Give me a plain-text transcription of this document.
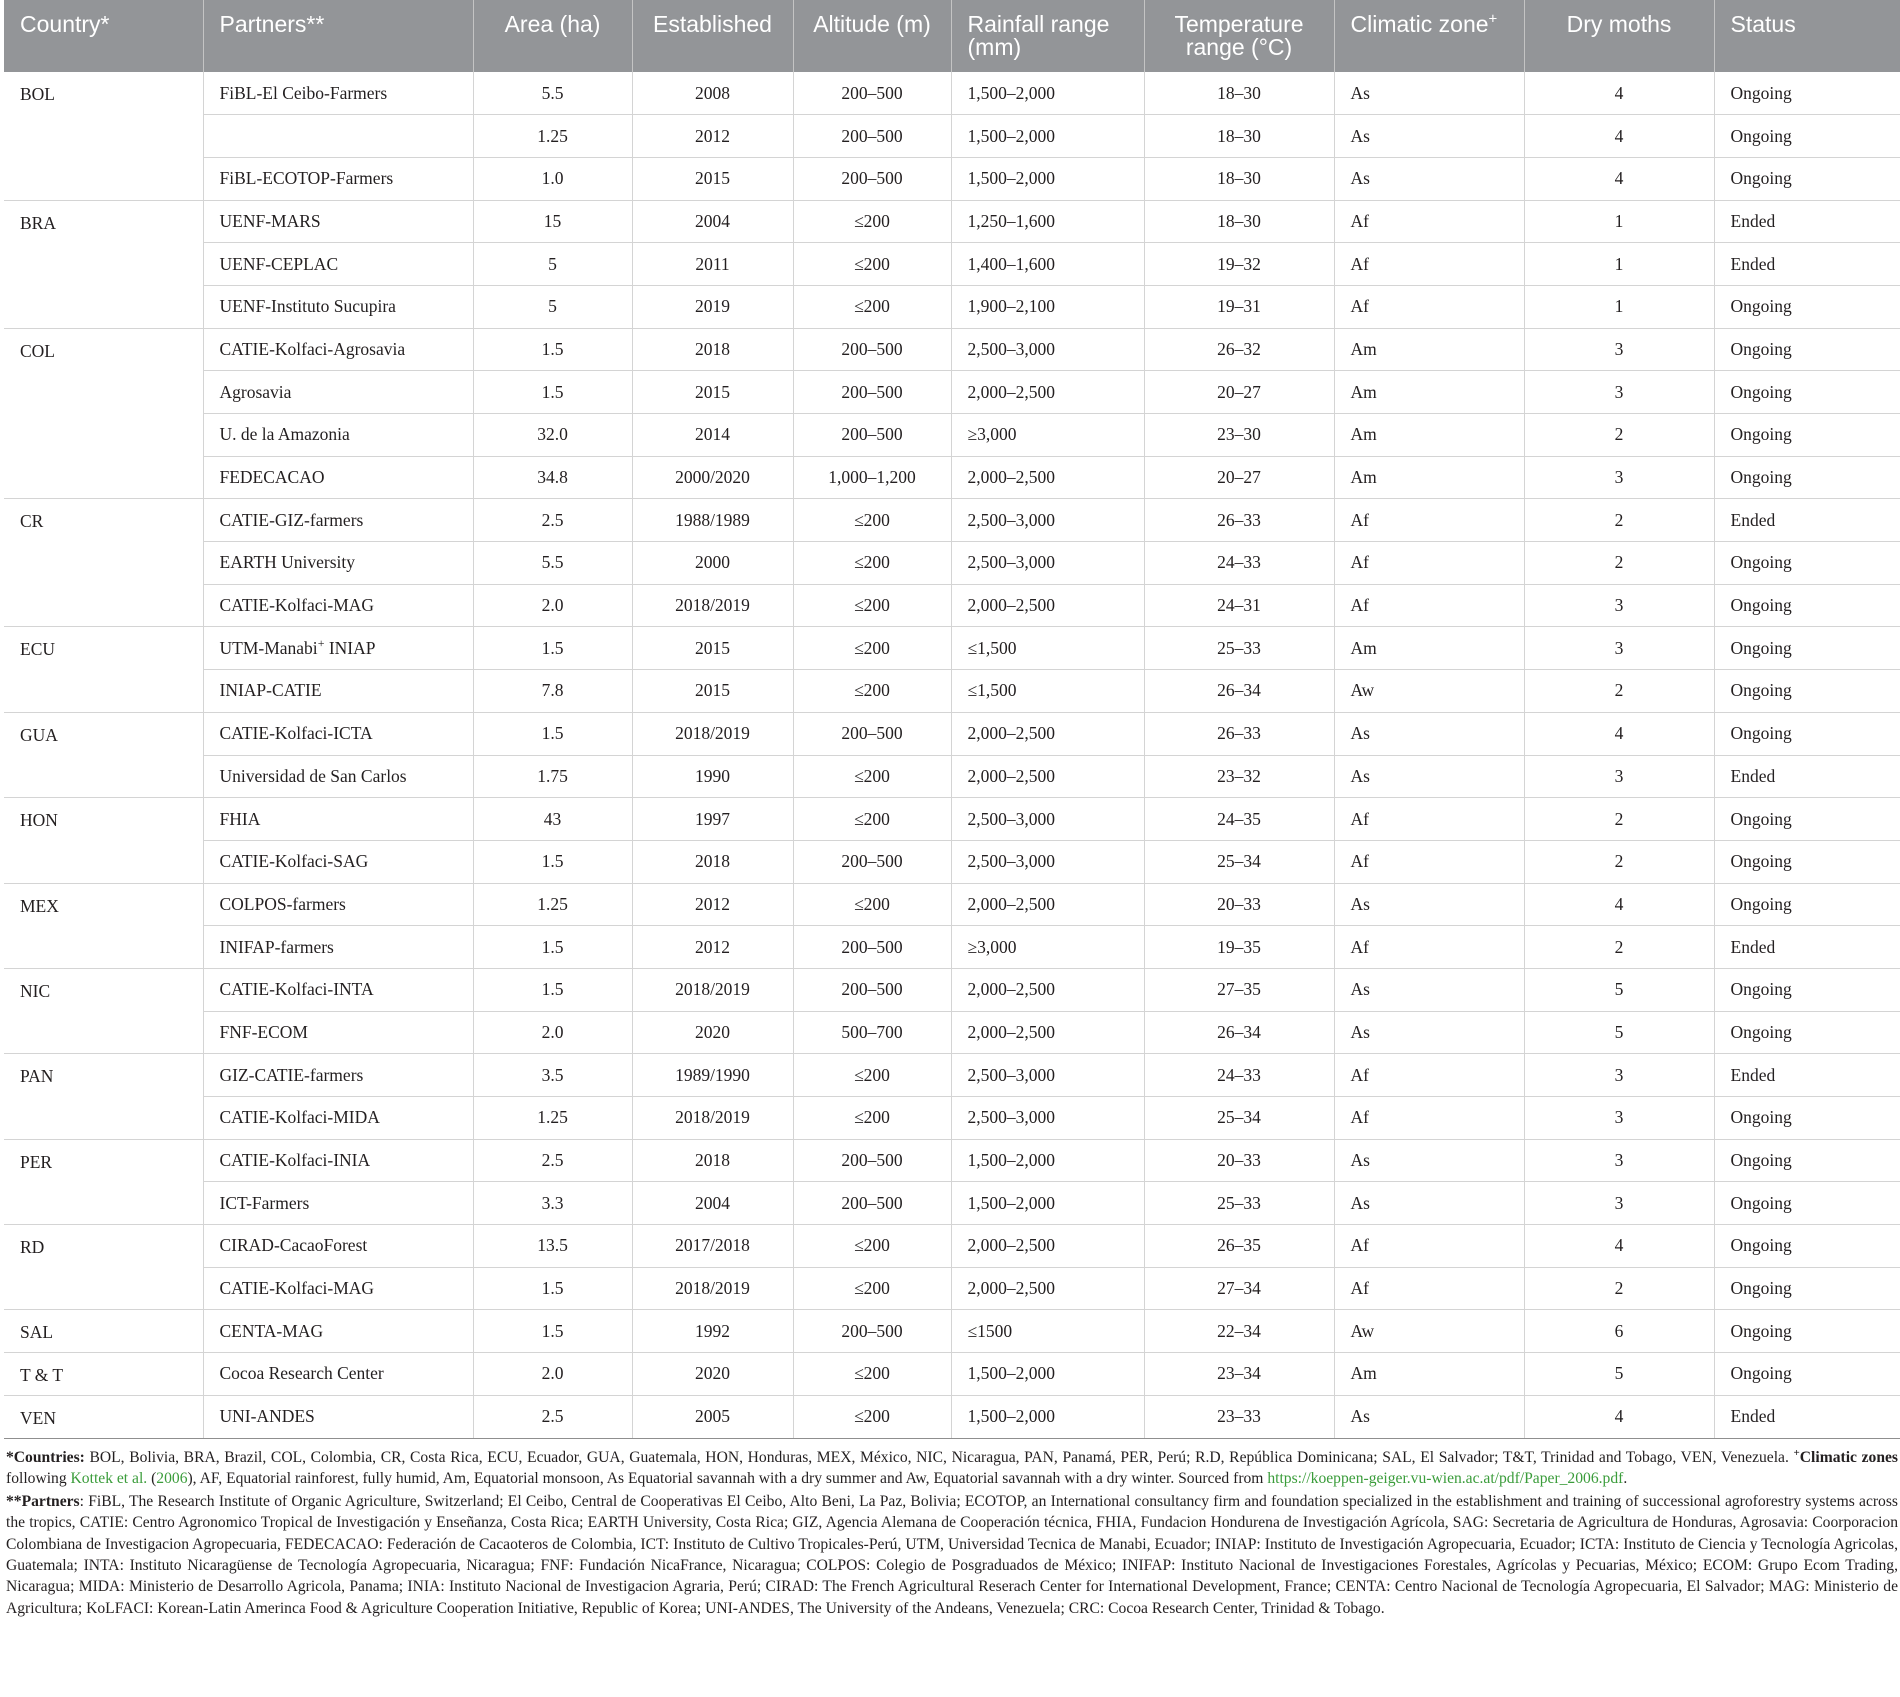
Country*	Partners**	Area (ha)	Established	Altitude (m)	Rainfall range (mm)	Temperature range (°C)	Climatic zone+	Dry moths	Status
BOL	FiBL-El Ceibo-Farmers	5.5	2008	200–500	1,500–2,000	18–30	As	4	Ongoing
		1.25	2012	200–500	1,500–2,000	18–30	As	4	Ongoing
	FiBL-ECOTOP-Farmers	1.0	2015	200–500	1,500–2,000	18–30	As	4	Ongoing
BRA	UENF-MARS	15	2004	≤200	1,250–1,600	18–30	Af	1	Ended
	UENF-CEPLAC	5	2011	≤200	1,400–1,600	19–32	Af	1	Ended
	UENF-Instituto Sucupira	5	2019	≤200	1,900–2,100	19–31	Af	1	Ongoing
COL	CATIE-Kolfaci-Agrosavia	1.5	2018	200–500	2,500–3,000	26–32	Am	3	Ongoing
	Agrosavia	1.5	2015	200–500	2,000–2,500	20–27	Am	3	Ongoing
	U. de la Amazonia	32.0	2014	200–500	≥3,000	23–30	Am	2	Ongoing
	FEDECACAO	34.8	2000/2020	1,000–1,200	2,000–2,500	20–27	Am	3	Ongoing
CR	CATIE-GIZ-farmers	2.5	1988/1989	≤200	2,500–3,000	26–33	Af	2	Ended
	EARTH University	5.5	2000	≤200	2,500–3,000	24–33	Af	2	Ongoing
	CATIE-Kolfaci-MAG	2.0	2018/2019	≤200	2,000–2,500	24–31	Af	3	Ongoing
ECU	UTM-Manabi+ INIAP	1.5	2015	≤200	≤1,500	25–33	Am	3	Ongoing
	INIAP-CATIE	7.8	2015	≤200	≤1,500	26–34	Aw	2	Ongoing
GUA	CATIE-Kolfaci-ICTA	1.5	2018/2019	200–500	2,000–2,500	26–33	As	4	Ongoing
	Universidad de San Carlos	1.75	1990	≤200	2,000–2,500	23–32	As	3	Ended
HON	FHIA	43	1997	≤200	2,500–3,000	24–35	Af	2	Ongoing
	CATIE-Kolfaci-SAG	1.5	2018	200–500	2,500–3,000	25–34	Af	2	Ongoing
MEX	COLPOS-farmers	1.25	2012	≤200	2,000–2,500	20–33	As	4	Ongoing
	INIFAP-farmers	1.5	2012	200–500	≥3,000	19–35	Af	2	Ended
NIC	CATIE-Kolfaci-INTA	1.5	2018/2019	200–500	2,000–2,500	27–35	As	5	Ongoing
	FNF-ECOM	2.0	2020	500–700	2,000–2,500	26–34	As	5	Ongoing
PAN	GIZ-CATIE-farmers	3.5	1989/1990	≤200	2,500–3,000	24–33	Af	3	Ended
	CATIE-Kolfaci-MIDA	1.25	2018/2019	≤200	2,500–3,000	25–34	Af	3	Ongoing
PER	CATIE-Kolfaci-INIA	2.5	2018	200–500	1,500–2,000	20–33	As	3	Ongoing
	ICT-Farmers	3.3	2004	200–500	1,500–2,000	25–33	As	3	Ongoing
RD	CIRAD-CacaoForest	13.5	2017/2018	≤200	2,000–2,500	26–35	Af	4	Ongoing
	CATIE-Kolfaci-MAG	1.5	2018/2019	≤200	2,000–2,500	27–34	Af	2	Ongoing
SAL	CENTA-MAG	1.5	1992	200–500	≤1500	22–34	Aw	6	Ongoing
T & T	Cocoa Research Center	2.0	2020	≤200	1,500–2,000	23–34	Am	5	Ongoing
VEN	UNI-ANDES	2.5	2005	≤200	1,500–2,000	23–33	As	4	Ended

*Countries: BOL, Bolivia, BRA, Brazil, COL, Colombia, CR, Costa Rica, ECU, Ecuador, GUA, Guatemala, HON, Honduras, MEX, México, NIC, Nicaragua, PAN, Panamá, PER, Perú; R.D, República Dominicana; SAL, El Salvador; T&T, Trinidad and Tobago, VEN, Venezuela. +Climatic zones following Kottek et al. (2006), AF, Equatorial rainforest, fully humid, Am, Equatorial monsoon, As Equatorial savannah with a dry summer and Aw, Equatorial savannah with a dry winter. Sourced from https://koeppen-geiger.vu-wien.ac.at/pdf/Paper_2006.pdf.

**Partners: FiBL, The Research Institute of Organic Agriculture, Switzerland; El Ceibo, Central de Cooperativas El Ceibo, Alto Beni, La Paz, Bolivia; ECOTOP, an International consultancy firm and foundation specialized in the establishment and training of successional agroforestry systems across the tropics, CATIE: Centro Agronomico Tropical de Investigación y Enseñanza, Costa Rica; EARTH University, Costa Rica; GIZ, Agencia Alemana de Cooperación técnica, FHIA, Fundacion Hondurena de Investigación Agrícola, SAG: Secretaria de Agricultura de Honduras, Agrosavia: Coorporacion Colombiana de Investigacion Agropecuaria, FEDECACAO: Federación de Cacaoteros de Colombia, ICT: Instituto de Cultivo Tropicales-Perú, UTM, Universidad Tecnica de Manabi, Ecuador; INIAP: Instituto de Investigación Agropecuaria, Ecuador; ICTA: Instituto de Ciencia y Tecnología Agricolas, Guatemala; INTA: Instituto Nicaragüense de Tecnología Agropecuaria, Nicaragua; FNF: Fundación NicaFrance, Nicaragua; COLPOS: Colegio de Posgraduados de México; INIFAP: Instituto Nacional de Investigaciones Forestales, Agrícolas y Pecuarias, México; ECOM: Grupo Ecom Trading, Nicaragua; MIDA: Ministerio de Desarrollo Agricola, Panama; INIA: Instituto Nacional de Investigacion Agraria, Perú; CIRAD: The French Agricultural Reserach Center for International Development, France; CENTA: Centro Nacional de Tecnología Agropecuaria, El Salvador; MAG: Ministerio de Agricultura; KoLFACI: Korean-Latin Amerinca Food & Agriculture Cooperation Initiative, Republic of Korea; UNI-ANDES, The University of the Andeans, Venezuela; CRC: Cocoa Research Center, Trinidad & Tobago.
